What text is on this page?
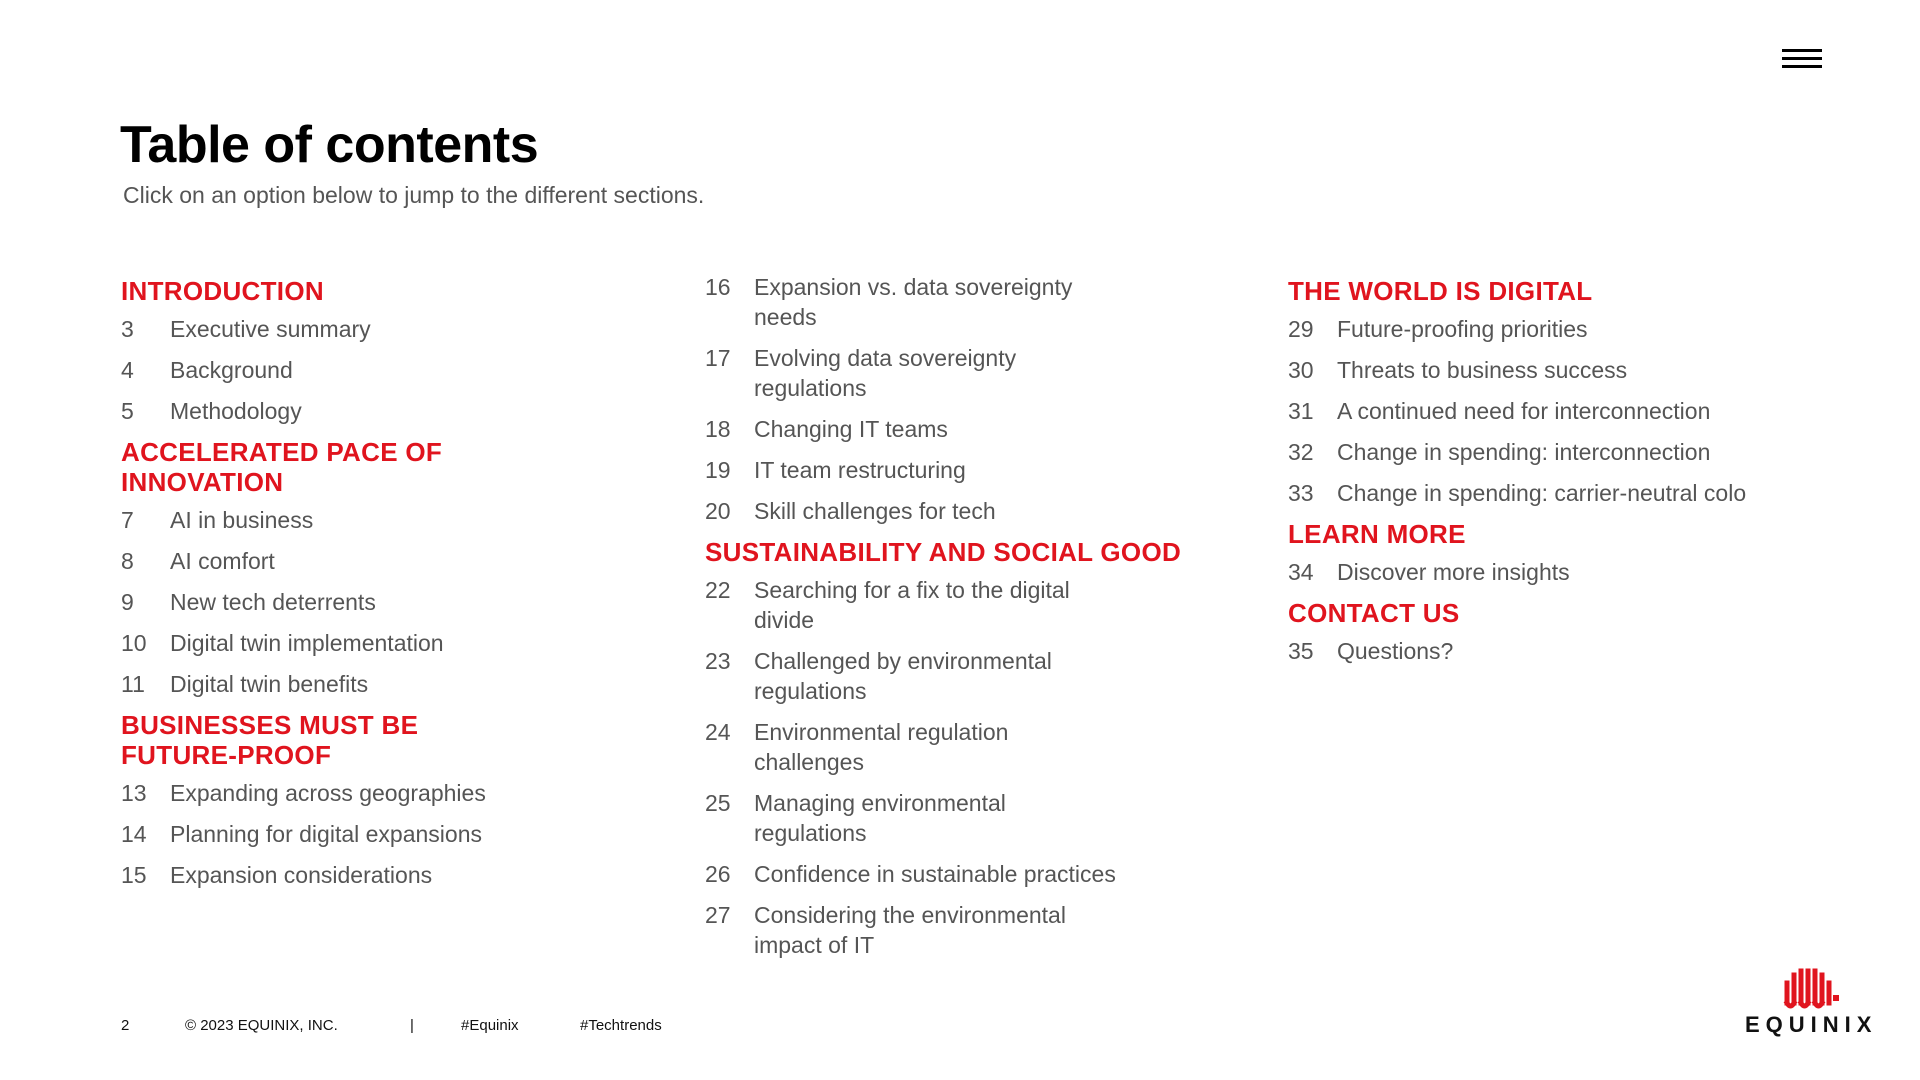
Table of contents

Click on an option below to jump to the different sections.

INTRODUCTION
3	Executive summary
4	Background
5	Methodology
ACCELERATED PACE OF INNOVATION
7	AI in business
8	AI comfort
9	New tech deterrents
10	Digital twin implementation
11	Digital twin benefits
BUSINESSES MUST BE FUTURE-PROOF
13	Expanding across geographies
14	Planning for digital expansions
15	Expansion considerations
16	Expansion vs. data sovereignty needs
17	Evolving data sovereignty regulations
18	Changing IT teams
19	IT team restructuring
20	Skill challenges for tech
SUSTAINABILITY AND SOCIAL GOOD
22	Searching for a fix to the digital divide
23	Challenged by environmental regulations
24	Environmental regulation challenges
25	Managing environmental regulations
26	Confidence in sustainable practices
27	Considering the environmental impact of IT
THE WORLD IS DIGITAL
29	Future-proofing priorities
30	Threats to business success
31	A continued need for interconnection
32	Change in spending: interconnection
33	Change in spending: carrier-neutral colo
LEARN MORE
34	Discover more insights
CONTACT US
35	Questions?
2	© 2023 EQUINIX, INC.	|	#Equinix	#Techtrends	EQUINIX
